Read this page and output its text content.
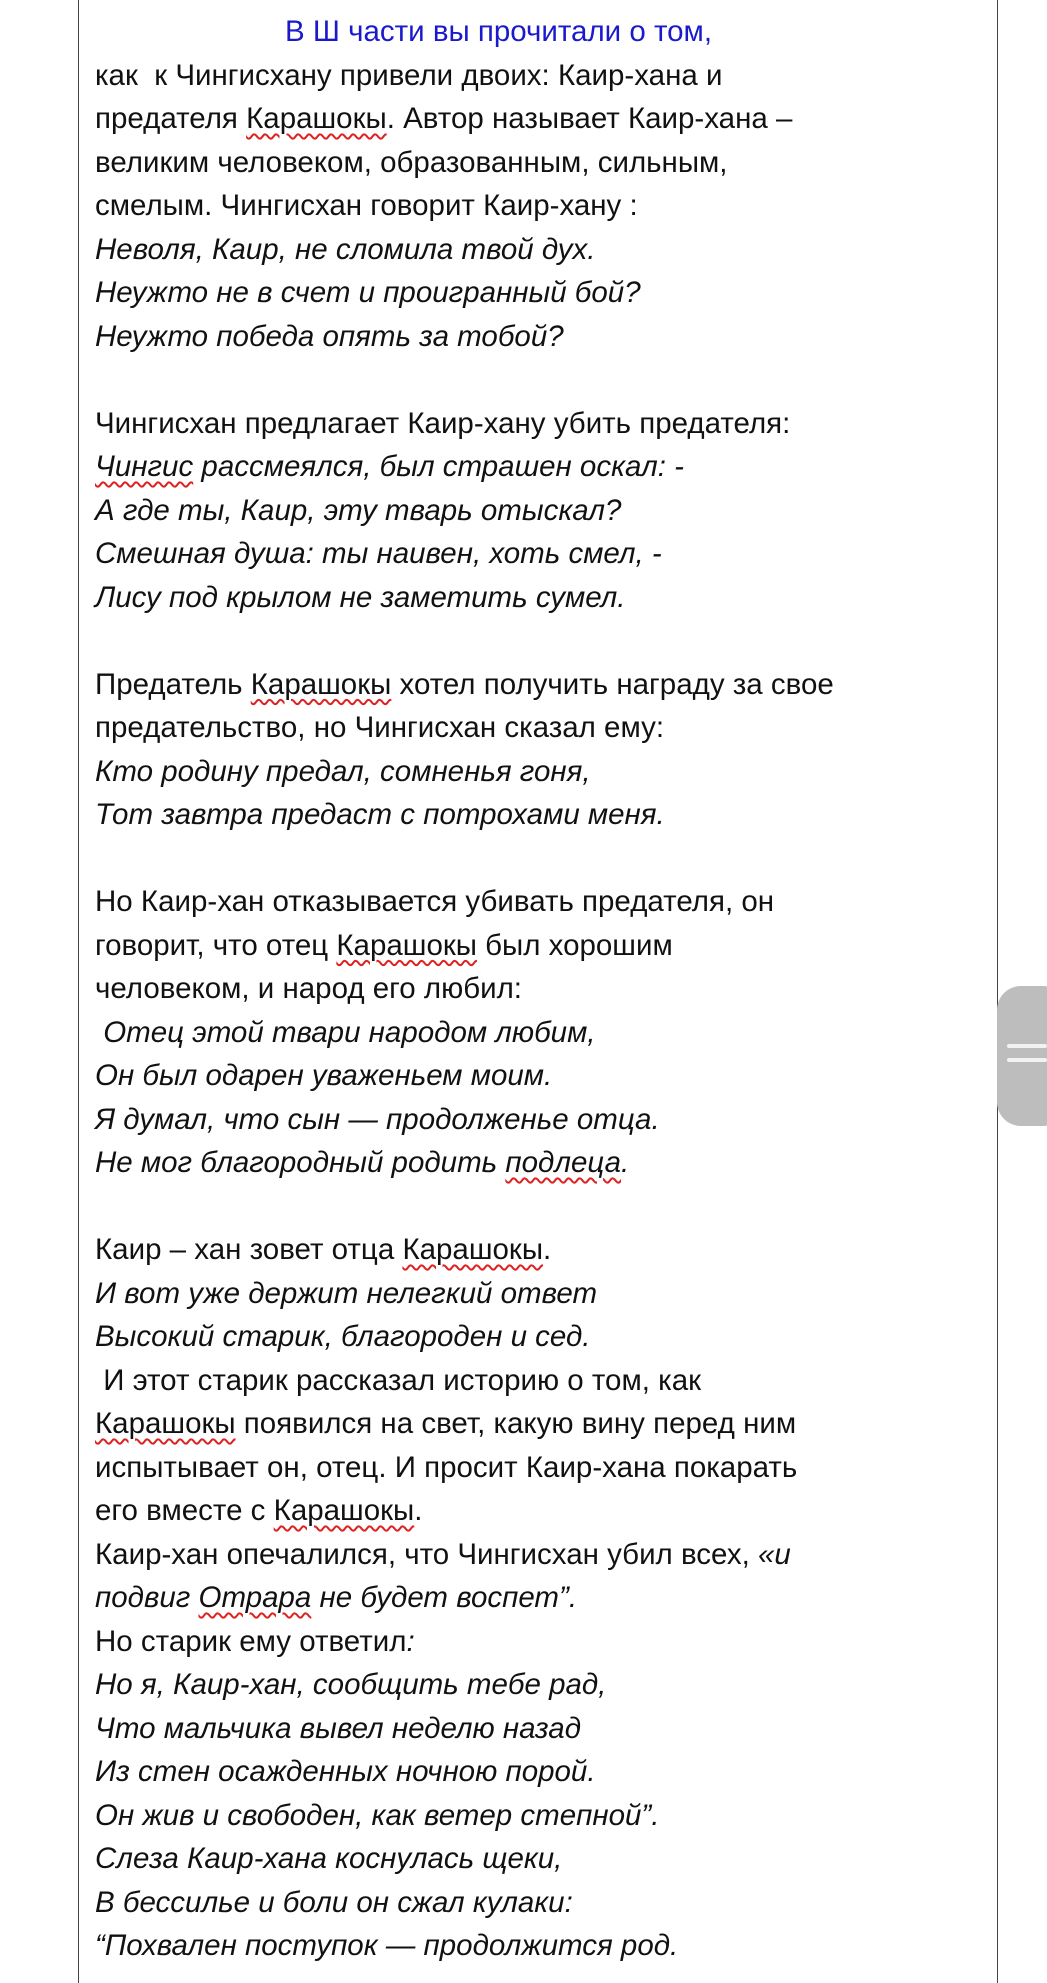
В Ш части вы прочитали о том,
как  к Чингисхану привели двоих: Каир-хана и
предателя Карашокы. Автор называет Каир-хана –
великим человеком, образованным, сильным,
смелым. Чингисхан говорит Каир-хану :
Неволя, Каир, не сломила твой дух.
Неужто не в счет и проигранный бой?
Неужто победа опять за тобой?
Чингисхан предлагает Каир-хану убить предателя:
Чингис рассмеялся, был страшен оскал: -
А где ты, Каир, эту тварь отыскал?
Смешная душа: ты наивен, хоть смел, -
Лису под крылом не заметить сумел.
Предатель Карашокы хотел получить награду за свое
предательство, но Чингисхан сказал ему:
Кто родину предал, сомненья гоня,
Тот завтра предаст с потрохами меня.
Но Каир-хан отказывается убивать предателя, он
говорит, что отец Карашокы был хорошим
человеком, и народ его любил:
Отец этой твари народом любим,
Он был одарен уваженьем моим.
Я думал, что сын — продолженье отца.
Не мог благородный родить подлеца.
Каир – хан зовет отца Карашокы.
И вот уже держит нелегкий ответ
Высокий старик, благороден и сед.
И этот старик рассказал историю о том, как
Карашокы появился на свет, какую вину перед ним
испытывает он, отец. И просит Каир-хана покарать
его вместе с Карашокы.
Каир-хан опечалился, что Чингисхан убил всех, «и
подвиг Отрара не будет воспет”.
Но старик ему ответил:
Но я, Каир-хан, сообщить тебе рад,
Что мальчика вывел неделю назад
Из стен осажденных ночною порой.
Он жив и свободен, как ветер степной”.
Слеза Каир-хана коснулась щеки,
В бессилье и боли он сжал кулаки:
“Похвален поступок — продолжится род.
